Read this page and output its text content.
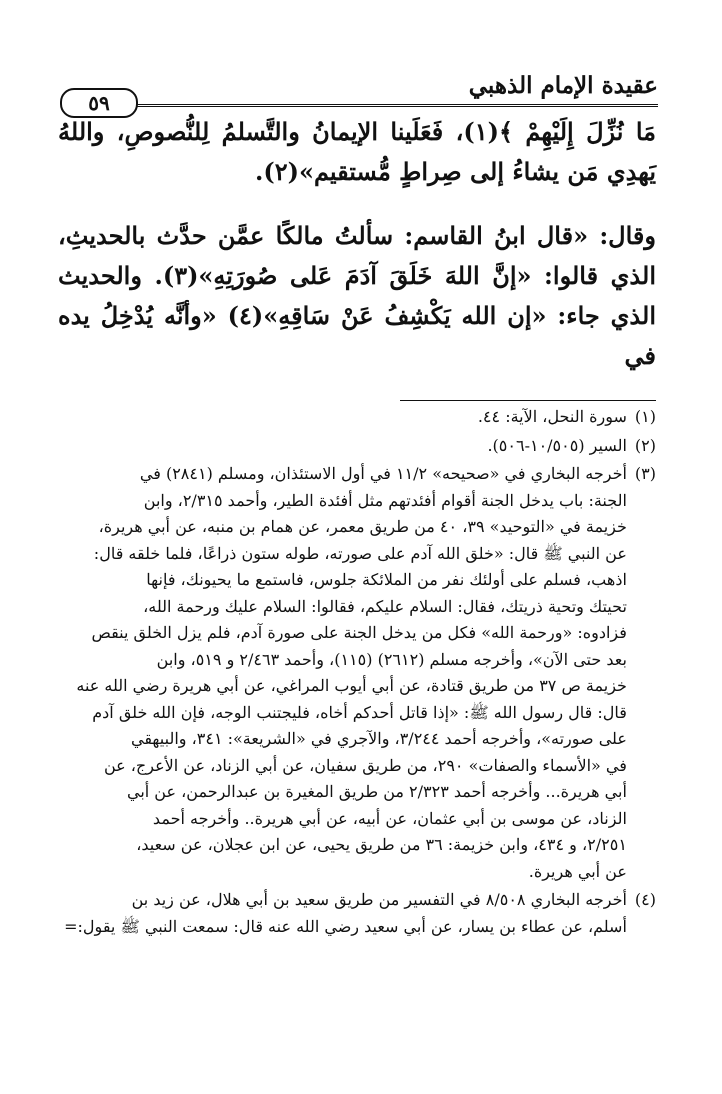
عقيدة الإمام الذهبي
٥٩

مَا نُزِّلَ إِلَيْهِمْ ﴾(١)، فَعَلَينا الإيمانُ والتَّسلمُ لِلنُّصوصِ، واللهُ يَهدِي مَن يشاءُ إلى صِراطٍ مُّستقيم»(٢).

وقال: «قال ابنُ القاسم: سألتُ مالكًا عمَّن حدَّث بالحديثِ، الذي قالوا: «إنَّ اللهَ خَلَقَ آدَمَ عَلى صُورَتِهِ»(٣). والحديث الذي جاء: «إن الله يَكْشِفُ عَنْ سَاقِهِ»(٤) «وأنَّه يُدْخِلُ يده في

(١)
سورة النحل، الآية: ٤٤.
(٢)
السير (١٠/٥٠٥-٥٠٦).
(٣)
أخرجه البخاري في «صحيحه» ١١/٢ في أول الاستئذان، ومسلم (٢٨٤١) في
الجنة: باب يدخل الجنة أقوام أفئدتهم مثل أفئدة الطير، وأحمد ٢/٣١٥، وابن
خزيمة في «التوحيد» ٣٩، ٤٠ من طريق معمر، عن همام بن منبه، عن أبي هريرة،
عن النبي ﷺ قال: «خلق الله آدم على صورته، طوله ستون ذراعًا، فلما خلقه قال:
اذهب، فسلم على أولئك نفر من الملائكة جلوس، فاستمع ما يحيونك، فإنها
تحيتك وتحية ذريتك، فقال: السلام عليكم، فقالوا: السلام عليك ورحمة الله،
فزادوه: «ورحمة الله» فكل من يدخل الجنة على صورة آدم، فلم يزل الخلق ينقص
بعد حتى الآن»، وأخرجه مسلم (٢٦١٢) (١١٥)، وأحمد ٢/٤٦٣ و ٥١٩، وابن
خزيمة ص ٣٧ من طريق قتادة، عن أبي أيوب المراغي، عن أبي هريرة رضي الله عنه
قال: قال رسول الله ﷺ: «إذا قاتل أحدكم أخاه، فليجتنب الوجه، فإن الله خلق آدم
على صورته»، وأخرجه أحمد ٣/٢٤٤، والآجري في «الشريعة»: ٣٤١، والبيهقي
في «الأسماء والصفات» ٢٩٠، من طريق سفيان، عن أبي الزناد، عن الأعرج، عن
أبي هريرة... وأخرجه أحمد ٢/٣٢٣ من طريق المغيرة بن عبدالرحمن، عن أبي
الزناد، عن موسى بن أبي عثمان، عن أبيه، عن أبي هريرة.. وأخرجه أحمد
٢/٢٥١، و ٤٣٤، وابن خزيمة: ٣٦ من طريق يحيى، عن ابن عجلان، عن سعيد،
عن أبي هريرة.
(٤)
أخرجه البخاري ٨/٥٠٨ في التفسير من طريق سعيد بن أبي هلال، عن زيد بن
أسلم، عن عطاء بن يسار، عن أبي سعيد رضي الله عنه قال: سمعت النبي ﷺ يقول:=
